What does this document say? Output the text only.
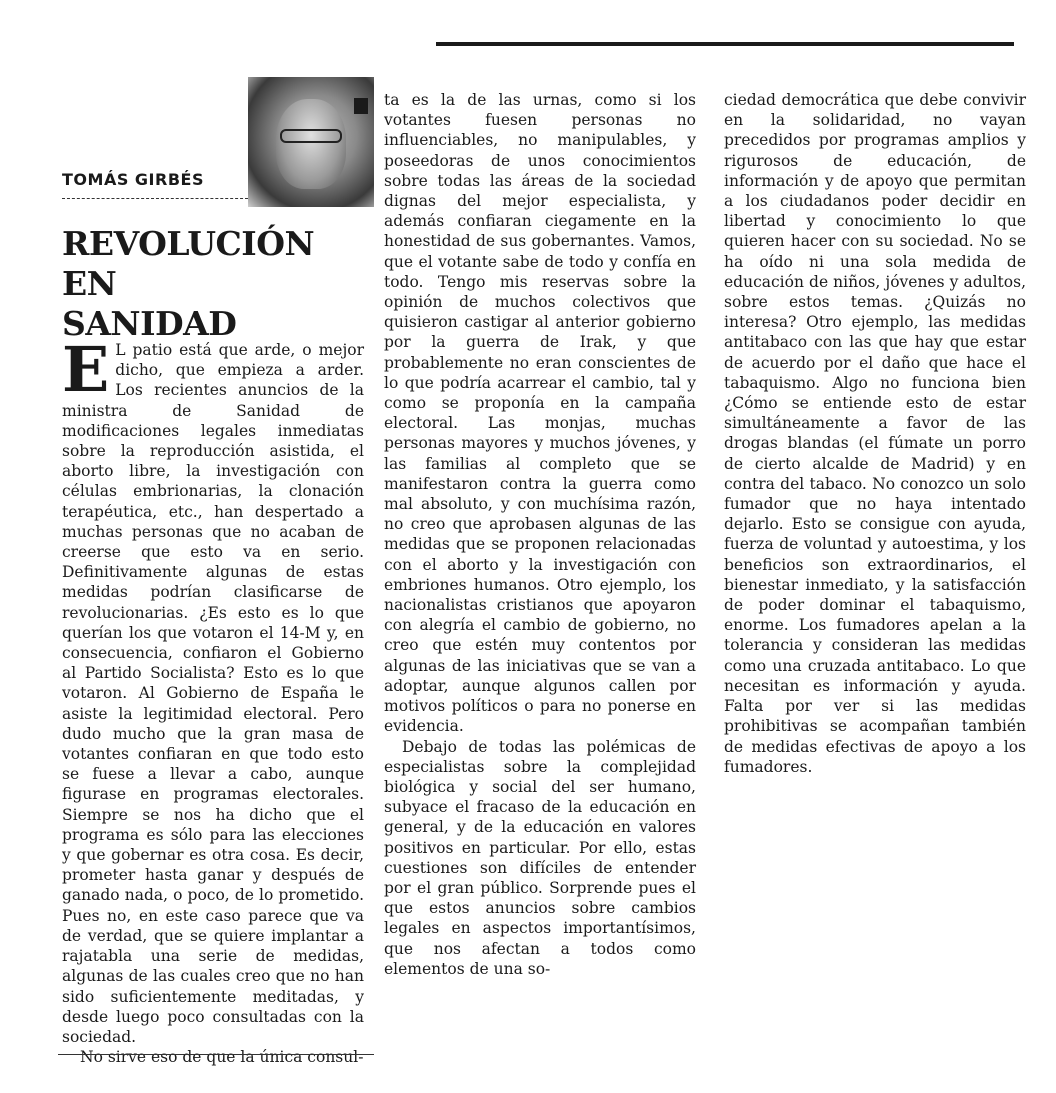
TOMÁS GIRBÉS
REVOLUCIÓN EN
SANIDAD

E L patio está que arde, o mejor dicho, que empieza a arder. Los recientes anuncios de la ministra de Sanidad de modificaciones legales inmediatas sobre la reproducción asistida, el aborto libre, la investigación con células embrionarias, la clonación terapéutica, etc., han despertado a muchas personas que no acaban de creerse que esto va en serio. Definitivamente algunas de estas medidas podrían clasificarse de revolucionarias. ¿Es esto es lo que querían los que votaron el 14-M y, en consecuencia, confiaron el Gobierno al Partido Socialista? Esto es lo que votaron. Al Gobierno de España le asiste la legitimidad electoral. Pero dudo mucho que la gran masa de votantes confiaran en que todo esto se fuese a llevar a cabo, aunque figurase en programas electorales. Siempre se nos ha dicho que el programa es sólo para las elecciones y que gobernar es otra cosa. Es decir, prometer hasta ganar y después de ganado nada, o poco, de lo prometido. Pues no, en este caso parece que va de verdad, que se quiere implantar a rajatabla una serie de medidas, algunas de las cuales creo que no han sido suficientemente meditadas, y desde luego poco consultadas con la sociedad.

No sirve eso de que la única consul-

ta es la de las urnas, como si los votantes fuesen personas no influenciables, no manipulables, y poseedoras de unos conocimientos sobre todas las áreas de la sociedad dignas del mejor especialista, y además confiaran ciegamente en la honestidad de sus gobernantes. Vamos, que el votante sabe de todo y confía en todo. Tengo mis reservas sobre la opinión de muchos colectivos que quisieron castigar al anterior gobierno por la guerra de Irak, y que probablemente no eran conscientes de lo que podría acarrear el cambio, tal y como se proponía en la campaña electoral. Las monjas, muchas personas mayores y muchos jóvenes, y las familias al completo que se manifestaron contra la guerra como mal absoluto, y con muchísima razón, no creo que aprobasen algunas de las medidas que se proponen relacionadas con el aborto y la investigación con embriones humanos. Otro ejemplo, los nacionalistas cristianos que apoyaron con alegría el cambio de gobierno, no creo que estén muy contentos por algunas de las iniciativas que se van a adoptar, aunque algunos callen por motivos políticos o para no ponerse en evidencia.

Debajo de todas las polémicas de especialistas sobre la complejidad biológica y social del ser humano, subyace el fracaso de la educación en general, y de la educación en valores positivos en particular. Por ello, estas cuestiones son difíciles de entender por el gran público. Sorprende pues el que estos anuncios sobre cambios legales en aspectos importantísimos, que nos afectan a todos como elementos de una so-

ciedad democrática que debe convivir en la solidaridad, no vayan precedidos por programas amplios y rigurosos de educación, de información y de apoyo que permitan a los ciudadanos poder decidir en libertad y conocimiento lo que quieren hacer con su sociedad. No se ha oído ni una sola medida de educación de niños, jóvenes y adultos, sobre estos temas. ¿Quizás no interesa? Otro ejemplo, las medidas antitabaco con las que hay que estar de acuerdo por el daño que hace el tabaquismo. Algo no funciona bien ¿Cómo se entiende esto de estar simultáneamente a favor de las drogas blandas (el fúmate un porro de cierto alcalde de Madrid) y en contra del tabaco. No conozco un solo fumador que no haya intentado dejarlo. Esto se consigue con ayuda, fuerza de voluntad y autoestima, y los beneficios son extraordinarios, el bienestar inmediato, y la satisfacción de poder dominar el tabaquismo, enorme. Los fumadores apelan a la tolerancia y consideran las medidas como una cruzada antitabaco. Lo que necesitan es información y ayuda. Falta por ver si las medidas prohibitivas se acompañan también de medidas efectivas de apoyo a los fumadores.
